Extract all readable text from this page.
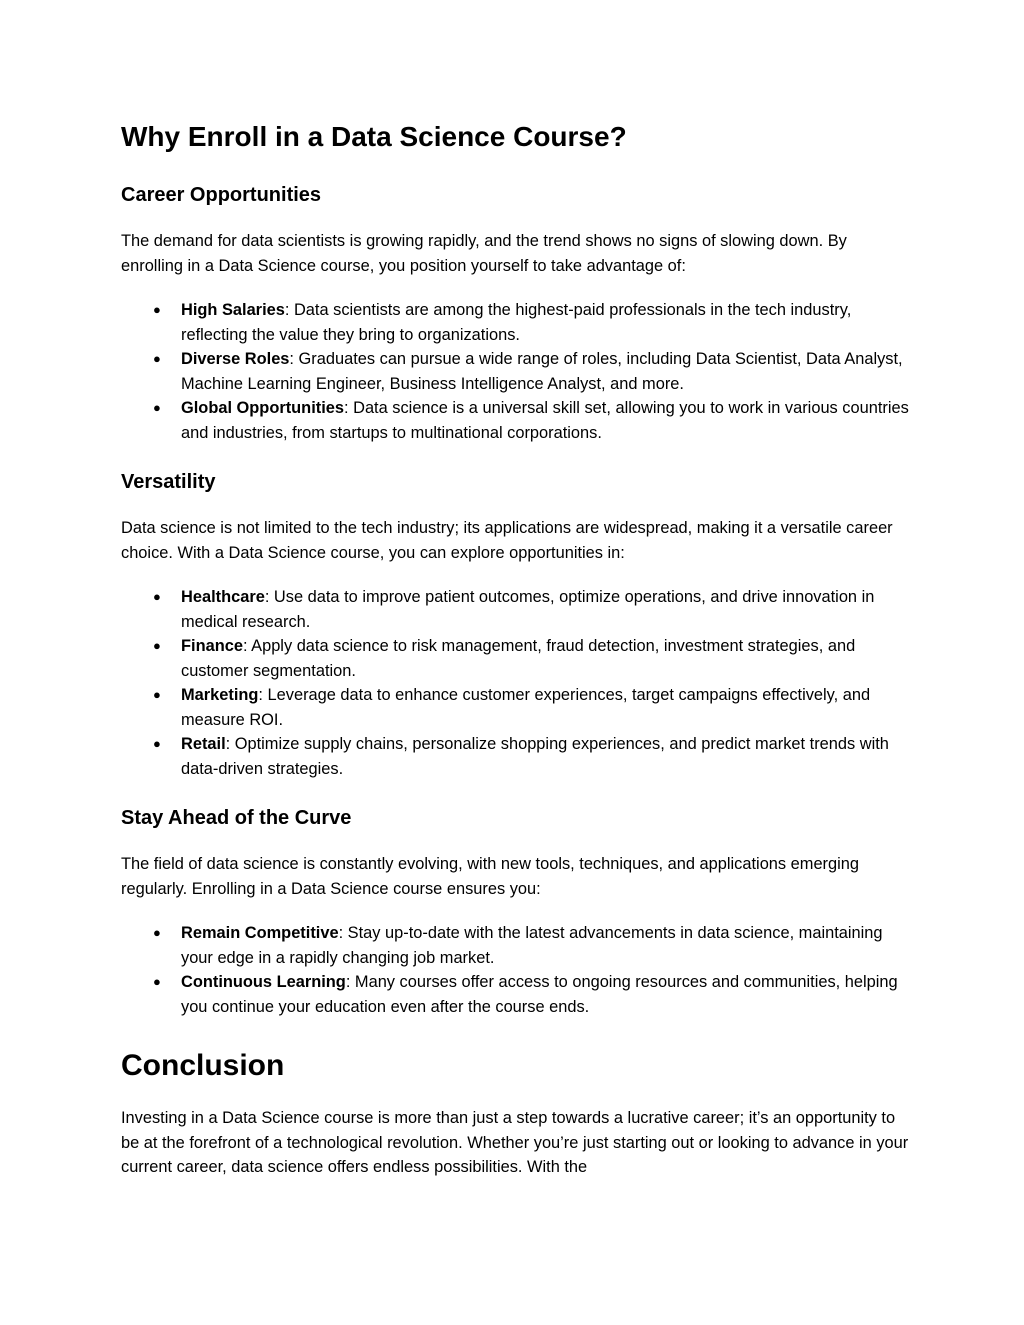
Why Enroll in a Data Science Course?
Career Opportunities

The demand for data scientists is growing rapidly, and the trend shows no signs of slowing down. By enrolling in a Data Science course, you position yourself to take advantage of:

● High Salaries: Data scientists are among the highest-paid professionals in the tech industry, reflecting the value they bring to organizations.
● Diverse Roles: Graduates can pursue a wide range of roles, including Data Scientist, Data Analyst, Machine Learning Engineer, Business Intelligence Analyst, and more.
● Global Opportunities: Data science is a universal skill set, allowing you to work in various countries and industries, from startups to multinational corporations.
Versatility

Data science is not limited to the tech industry; its applications are widespread, making it a versatile career choice. With a Data Science course, you can explore opportunities in:

● Healthcare: Use data to improve patient outcomes, optimize operations, and drive innovation in medical research.
● Finance: Apply data science to risk management, fraud detection, investment strategies, and customer segmentation.
● Marketing: Leverage data to enhance customer experiences, target campaigns effectively, and measure ROI.
● Retail: Optimize supply chains, personalize shopping experiences, and predict market trends with data-driven strategies.
Stay Ahead of the Curve

The field of data science is constantly evolving, with new tools, techniques, and applications emerging regularly. Enrolling in a Data Science course ensures you:

● Remain Competitive: Stay up-to-date with the latest advancements in data science, maintaining your edge in a rapidly changing job market.
● Continuous Learning: Many courses offer access to ongoing resources and communities, helping you continue your education even after the course ends.
Conclusion

Investing in a Data Science course is more than just a step towards a lucrative career; it’s an opportunity to be at the forefront of a technological revolution. Whether you’re just starting out or looking to advance in your current career, data science offers endless possibilities. With the
